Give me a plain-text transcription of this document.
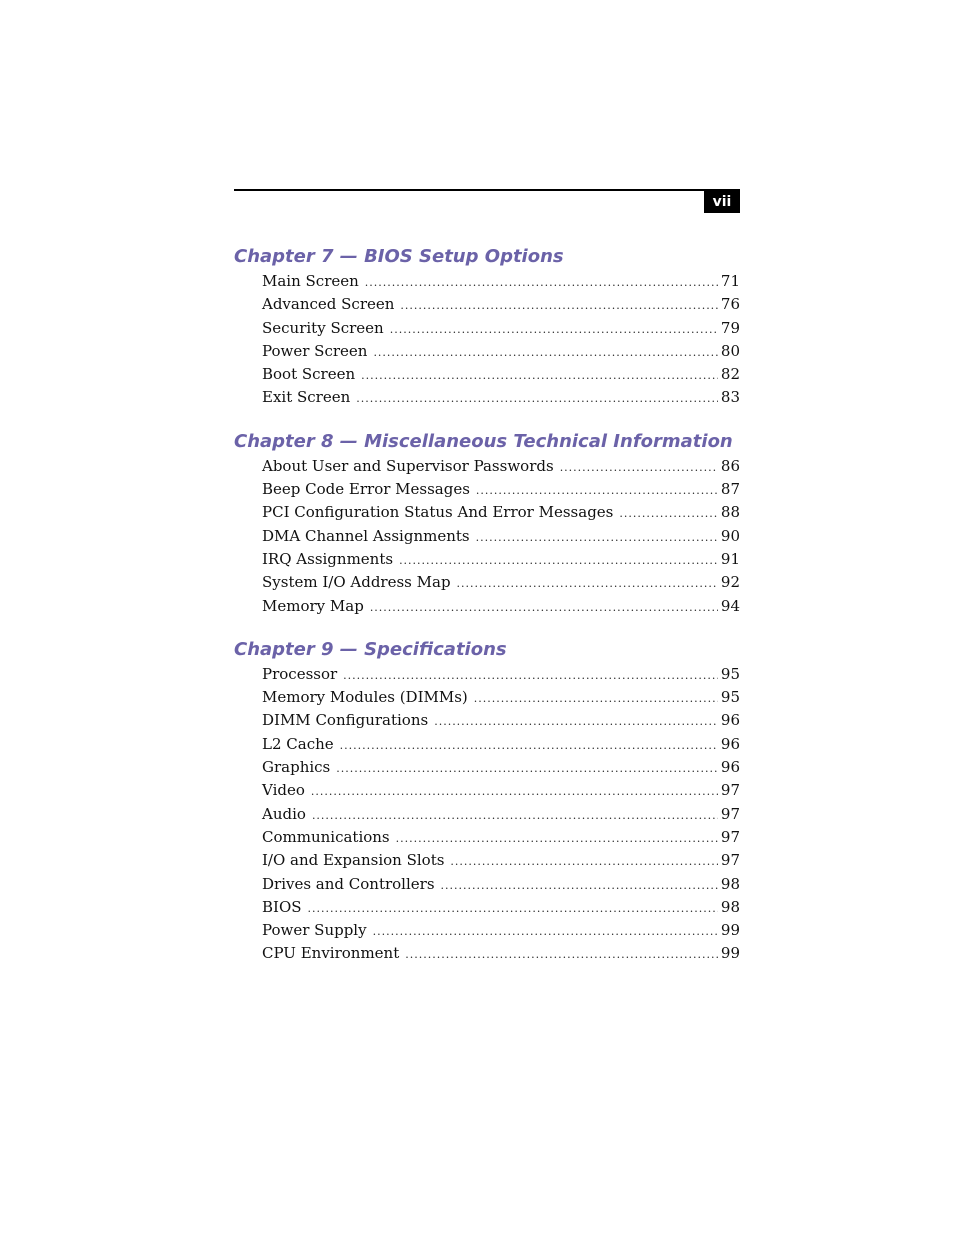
vii
Chapter 7 — BIOS Setup Options
Main Screen .....	71
Advanced Screen .....	76
Security Screen .....	79
Power Screen .....	80
Boot Screen .....	82
Exit Screen .....	83
Chapter 8 — Miscellaneous Technical Information
About User and Supervisor Passwords .....	86
Beep Code Error Messages .....	87
PCI Configuration Status And Error Messages .....	88
DMA Channel Assignments .....	90
IRQ Assignments .....	91
System I/O Address Map .....	92
Memory Map .....	94
Chapter 9 — Specifications
Processor .....	95
Memory Modules (DIMMs) .....	95
DIMM Configurations .....	96
L2 Cache .....	96
Graphics .....	96
Video .....	97
Audio .....	97
Communications .....	97
I/O and Expansion Slots .....	97
Drives and Controllers .....	98
BIOS .....	98
Power Supply .....	99
CPU Environment .....	99
